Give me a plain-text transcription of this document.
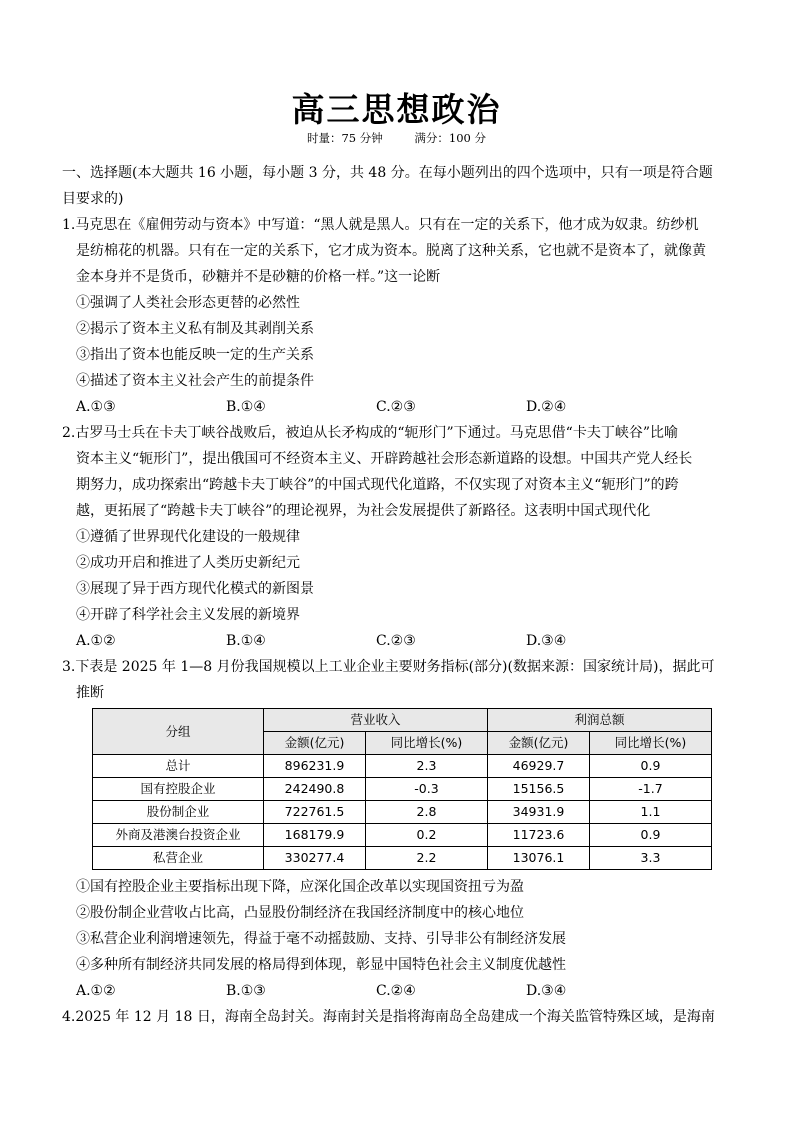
高三思想政治
时量：75 分钟	满分：100 分
一、选择题(本大题共 16 小题，每小题 3 分，共 48 分。在每小题列出的四个选项中，只有一项是符合题
目要求的)
1.马克思在《雇佣劳动与资本》中写道：“黑人就是黑人。只有在一定的关系下，他才成为奴隶。纺纱机
是纺棉花的机器。只有在一定的关系下，它才成为资本。脱离了这种关系，它也就不是资本了，就像黄
金本身并不是货币，砂糖并不是砂糖的价格一样。”这一论断
①强调了人类社会形态更替的必然性
②揭示了资本主义私有制及其剥削关系
③指出了资本也能反映一定的生产关系
④描述了资本主义社会产生的前提条件
A.①③	B.①④	C.②③	D.②④
2.古罗马士兵在卡夫丁峡谷战败后，被迫从长矛构成的“轭形门”下通过。马克思借“卡夫丁峡谷”比喻
资本主义“轭形门”，提出俄国可不经资本主义、开辟跨越社会形态新道路的设想。中国共产党人经长
期努力，成功探索出“跨越卡夫丁峡谷”的中国式现代化道路，不仅实现了对资本主义“轭形门”的跨
越，更拓展了“跨越卡夫丁峡谷”的理论视界，为社会发展提供了新路径。这表明中国式现代化
①遵循了世界现代化建设的一般规律
②成功开启和推进了人类历史新纪元
③展现了异于西方现代化模式的新图景
④开辟了科学社会主义发展的新境界
A.①②	B.①④	C.②③	D.③④
3.下表是 2025 年 1—8 月份我国规模以上工业企业主要财务指标(部分)(数据来源：国家统计局)，据此可
推断
分组	营业收入		利润总额	
	金额(亿元)	同比增长(%)	金额(亿元)	同比增长(%)
总计	896231.9	2.3	46929.7	0.9
国有控股企业	242490.8	-0.3	15156.5	-1.7
股份制企业	722761.5	2.8	34931.9	1.1
外商及港澳台投资企业	168179.9	0.2	11723.6	0.9
私营企业	330277.4	2.2	13076.1	3.3
①国有控股企业主要指标出现下降，应深化国企改革以实现国资扭亏为盈
②股份制企业营收占比高，凸显股份制经济在我国经济制度中的核心地位
③私营企业利润增速领先，得益于毫不动摇鼓励、支持、引导非公有制经济发展
④多种所有制经济共同发展的格局得到体现，彰显中国特色社会主义制度优越性
A.①②	B.①③	C.②④	D.③④
4.2025 年 12 月 18 日，海南全岛封关。海南封关是指将海南岛全岛建成一个海关监管特殊区域，是海南
